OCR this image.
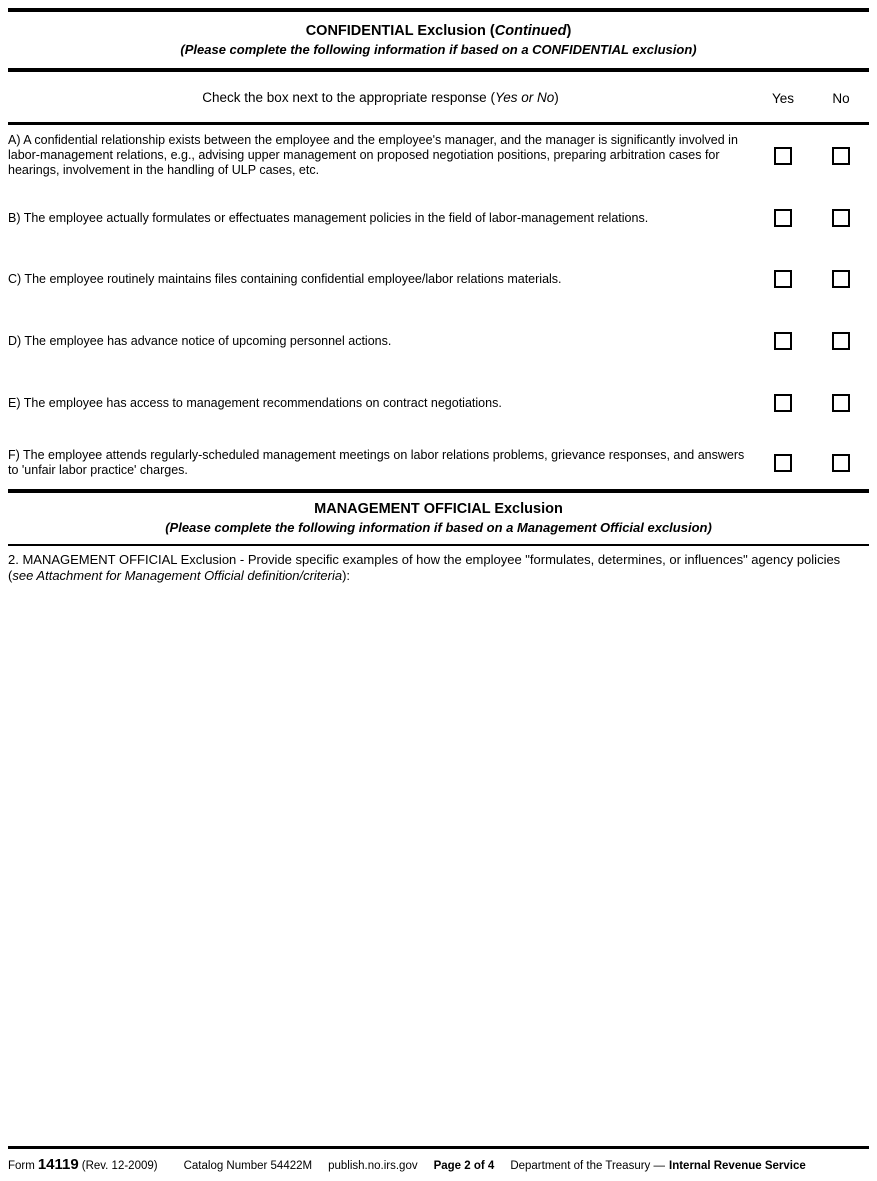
CONFIDENTIAL Exclusion (Continued)
(Please complete the following information if based on a CONFIDENTIAL exclusion)
Check the box next to the appropriate response (Yes or No)	Yes	No
A) A confidential relationship exists between the employee and the employee's manager, and the manager is significantly involved in labor-management relations, e.g., advising upper management on proposed negotiation positions, preparing arbitration cases for hearings, involvement in the handling of ULP cases, etc.
B) The employee actually formulates or effectuates management policies in the field of labor-management relations.
C) The employee routinely maintains files containing confidential employee/labor relations materials.
D) The employee has advance notice of upcoming personnel actions.
E) The employee has access to management recommendations on contract negotiations.
F) The employee attends regularly-scheduled management meetings on labor relations problems, grievance responses, and answers to 'unfair labor practice' charges.
MANAGEMENT OFFICIAL Exclusion
(Please complete the following information if based on a Management Official exclusion)
2. MANAGEMENT OFFICIAL Exclusion - Provide specific examples of how the employee "formulates, determines, or influences" agency policies (see Attachment for Management Official definition/criteria):
Form 14119 (Rev. 12-2009) Catalog Number 54422M publish.no.irs.gov Page 2 of 4 Department of the Treasury — Internal Revenue Service
